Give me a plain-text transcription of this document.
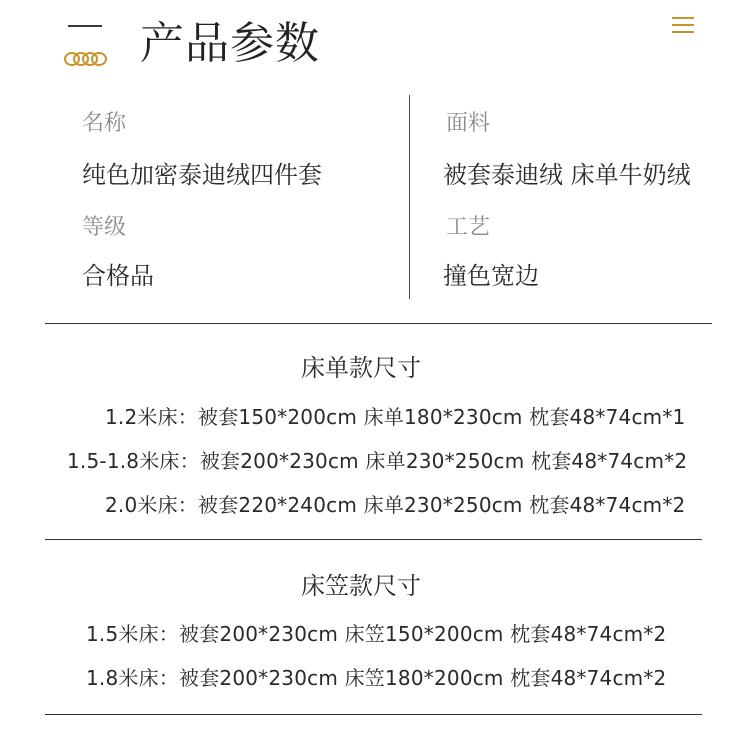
产品参数
名称
纯色加密泰迪绒四件套
等级
合格品
面料
被套泰迪绒 床单牛奶绒
工艺
撞色宽边
床单款尺寸
1.2米床：被套150*200cm 床单180*230cm 枕套48*74cm*1
1.5-1.8米床：被套200*230cm 床单230*250cm 枕套48*74cm*2
2.0米床：被套220*240cm 床单230*250cm 枕套48*74cm*2
床笠款尺寸
1.5米床：被套200*230cm 床笠150*200cm 枕套48*74cm*2
1.8米床：被套200*230cm 床笠180*200cm 枕套48*74cm*2
